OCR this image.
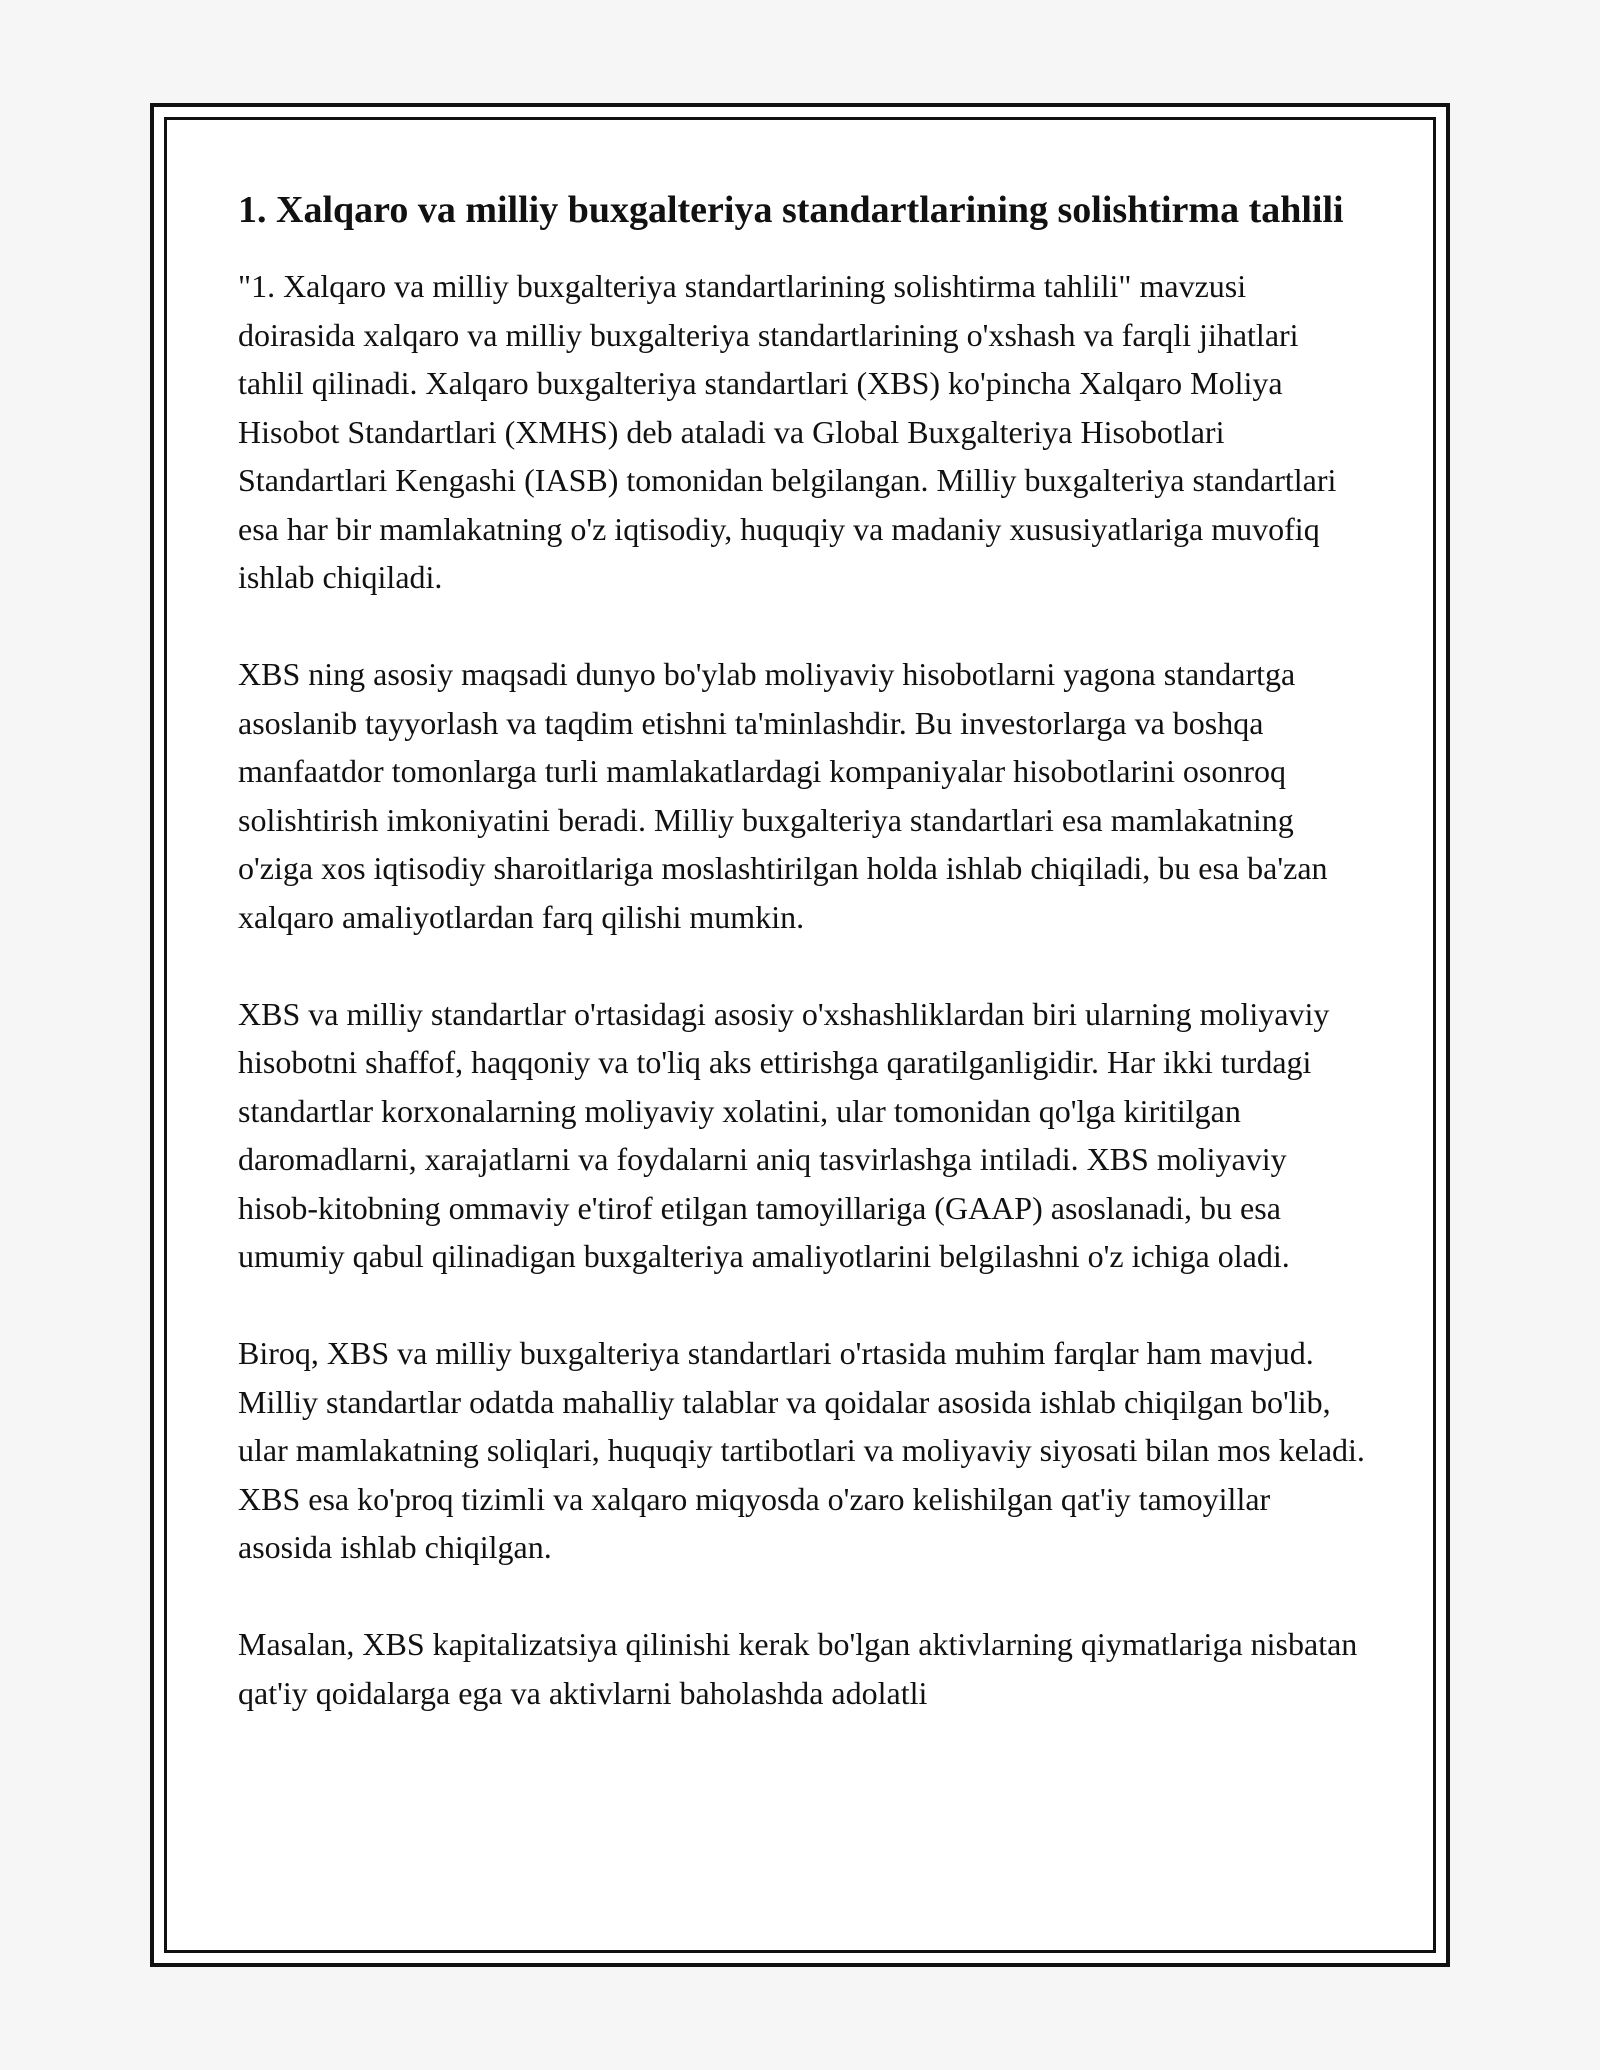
1. Xalqaro va milliy buxgalteriya standartlarining solishtirma tahlili

"1. Xalqaro va milliy buxgalteriya standartlarining solishtirma tahlili" mavzusi doirasida xalqaro va milliy buxgalteriya standartlarining o'xshash va farqli jihatlari tahlil qilinadi. Xalqaro buxgalteriya standartlari (XBS) ko'pincha Xalqaro Moliya Hisobot Standartlari (XMHS) deb ataladi va Global Buxgalteriya Hisobotlari Standartlari Kengashi (IASB) tomonidan belgilangan. Milliy buxgalteriya standartlari esa har bir mamlakatning o'z iqtisodiy, huquqiy va madaniy xususiyatlariga muvofiq ishlab chiqiladi.

XBS ning asosiy maqsadi dunyo bo'ylab moliyaviy hisobotlarni yagona standartga asoslanib tayyorlash va taqdim etishni ta'minlashdir. Bu investorlarga va boshqa manfaatdor tomonlarga turli mamlakatlardagi kompaniyalar hisobotlarini osonroq solishtirish imkoniyatini beradi. Milliy buxgalteriya standartlari esa mamlakatning o'ziga xos iqtisodiy sharoitlariga moslashtirilgan holda ishlab chiqiladi, bu esa ba'zan xalqaro amaliyotlardan farq qilishi mumkin.

XBS va milliy standartlar o'rtasidagi asosiy o'xshashliklardan biri ularning moliyaviy hisobotni shaffof, haqqoniy va to'liq aks ettirishga qaratilganligidir. Har ikki turdagi standartlar korxonalarning moliyaviy xolatini, ular tomonidan qo'lga kiritilgan daromadlarni, xarajatlarni va foydalarni aniq tasvirlashga intiladi. XBS moliyaviy hisob-kitobning ommaviy e'tirof etilgan tamoyillariga (GAAP) asoslanadi, bu esa umumiy qabul qilinadigan buxgalteriya amaliyotlarini belgilashni o'z ichiga oladi.

Biroq, XBS va milliy buxgalteriya standartlari o'rtasida muhim farqlar ham mavjud. Milliy standartlar odatda mahalliy talablar va qoidalar asosida ishlab chiqilgan bo'lib, ular mamlakatning soliqlari, huquqiy tartibotlari va moliyaviy siyosati bilan mos keladi. XBS esa ko'proq tizimli va xalqaro miqyosda o'zaro kelishilgan qat'iy tamoyillar asosida ishlab chiqilgan.

Masalan, XBS kapitalizatsiya qilinishi kerak bo'lgan aktivlarning qiymatlariga nisbatan qat'iy qoidalarga ega va aktivlarni baholashda adolatli
